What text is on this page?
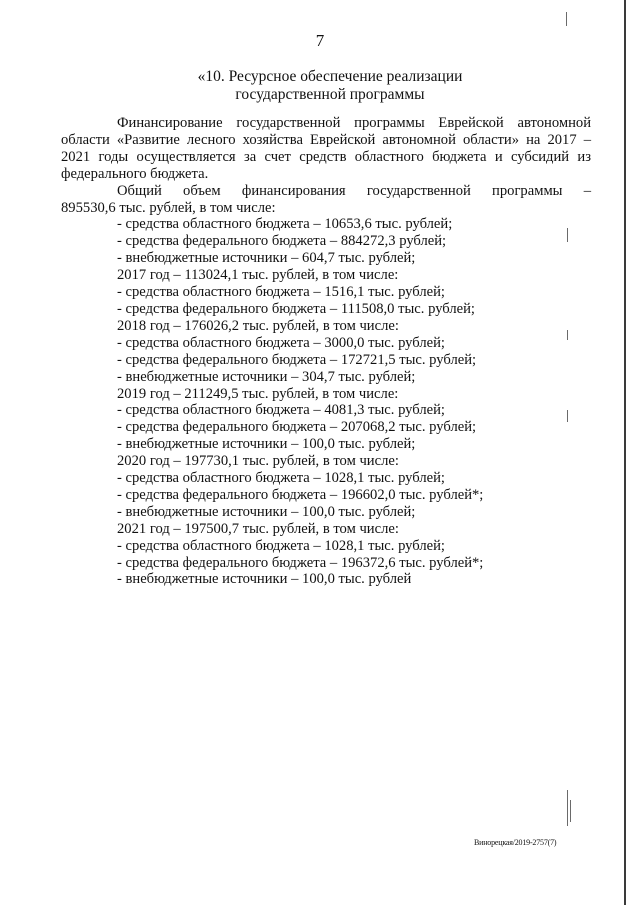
7
«10. Ресурсное обеспечение реализации
государственной программы

Финансирование государственной программы Еврейской автономной области «Развитие лесного хозяйства Еврейской автономной области» на 2017 – 2021 годы осуществляется за счет средств областного бюджета и субсидий из федерального бюджета.

Общий объем финансирования государственной программы –

895530,6 тыс. рублей, в том числе:

- средства областного бюджета – 10653,6 тыс. рублей;

- средства федерального бюджета – 884272,3 рублей;

- внебюджетные источники – 604,7 тыс. рублей;

2017 год – 113024,1 тыс. рублей, в том числе:

- средства областного бюджета – 1516,1 тыс. рублей;

- средства федерального бюджета – 111508,0 тыс. рублей;

2018 год – 176026,2 тыс. рублей, в том числе:

- средства областного бюджета – 3000,0 тыс. рублей;

- средства федерального бюджета – 172721,5 тыс. рублей;

- внебюджетные источники – 304,7 тыс. рублей;

2019 год – 211249,5 тыс. рублей, в том числе:

- средства областного бюджета – 4081,3 тыс. рублей;

- средства федерального бюджета – 207068,2 тыс. рублей;

- внебюджетные источники – 100,0 тыс. рублей;

2020 год – 197730,1 тыс. рублей, в том числе:

- средства областного бюджета – 1028,1 тыс. рублей;

- средства федерального бюджета – 196602,0 тыс. рублей*;

- внебюджетные источники – 100,0 тыс. рублей;

2021 год – 197500,7 тыс. рублей, в том числе:

- средства областного бюджета – 1028,1 тыс. рублей;

- средства федерального бюджета – 196372,6 тыс. рублей*;

- внебюджетные источники – 100,0 тыс. рублей

Винорецкая/2019-2757(7)
